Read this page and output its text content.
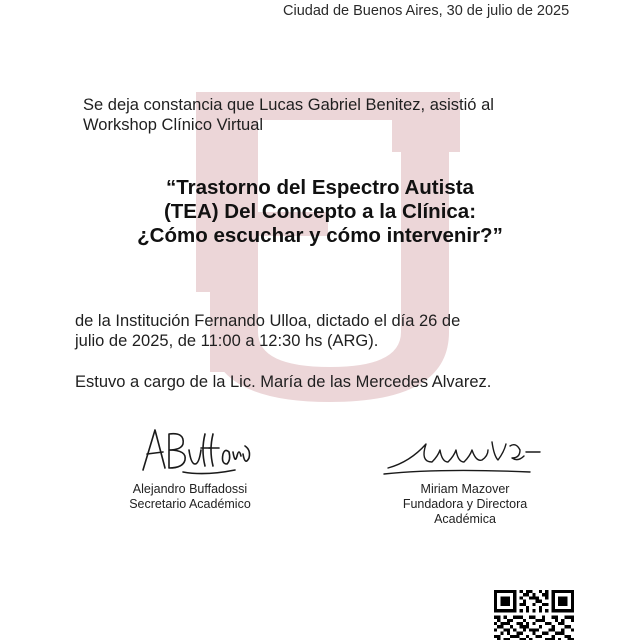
Ciudad de Buenos Aires, 30 de julio de 2025
Se deja constancia que Lucas Gabriel Benitez, asistió al Workshop Clínico Virtual
“Trastorno del Espectro Autista
(TEA) Del Concepto a la Clínica:
¿Cómo escuchar y cómo intervenir?”
de la Institución Fernando Ulloa, dictado el día 26 de
julio de 2025, de 11:00 a 12:30 hs (ARG).
Estuvo a cargo de la Lic. María de las Mercedes Alvarez.
Alejandro Buffadossi
Secretario Académico
Miriam Mazover
Fundadora y Directora
Académica
